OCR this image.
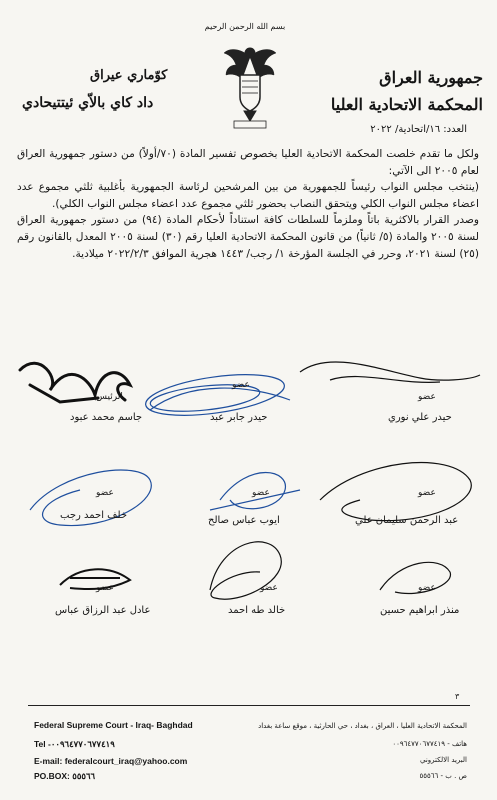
بسم الله الرحمن الرحيم
جمهورية العراق
المحكمة الاتحادية العليا
كوّماري عيراق
داد كاي بالاّي ئيتتيحادي
العدد: ١٦/اتحادية/ ٢٠٢٢

ولكل ما تقدم خلصت المحكمة الاتحادية العليا بخصوص تفسير المادة (٧٠/أولاً) من دستور جمهورية العراق لعام ٢٠٠٥ الى الآتي:

(ينتخب مجلس النواب رئيساً للجمهورية من بين المرشحين لرئاسة الجمهورية بأغلبية ثلثي مجموع عدد اعضاء مجلس النواب الكلي ويتحقق النصاب بحضور ثلثي مجموع عدد اعضاء مجلس النواب الكلي).

وصدر القرار بالاكثرية باتاً وملزماً للسلطات كافة استناداً لأحكام المادة (٩٤) من دستور جمهورية العراق لسنة ٢٠٠٥ والمادة (٥/ ثانياً) من قانون المحكمة الاتحادية العليا رقم (٣٠) لسنة ٢٠٠٥ المعدل بالقانون رقم (٢٥) لسنة ٢٠٢١، وحرر في الجلسة المؤرخة ١/ رجب/ ١٤٤٣ هجرية الموافق ٢٠٢٢/٢/٣ ميلادية.

الرئيس
جاسم محمد عبود
عضو
حيدر جابر عبد
عضو
حيدر علي نوري
عضو
خلف احمد رجب
عضو
ايوب عباس صالح
عضو
عبد الرحمن سليمان علي
عضو
عادل عبد الرزاق عباس
عضو
خالد طه احمد
عضو
منذر ابراهيم حسين
٣
Federal Supreme Court - Iraq- Baghdad
Tel -٠٠٩٦٤٧٧٠٦٧٧٤١٩
E-mail: federalcourt_iraq@yahoo.com
PO.BOX: ٥٥٥٦٦
المحكمة الاتحادية العليا ، العراق ، بغداد ، حي الحارثية ، موقع ساعة بغداد
هاتف - ٠٠٩٦٤٧٧٠٦٧٧٤١٩
البريد الالكتروني
ص . ب - ٥٥٥٦٦
